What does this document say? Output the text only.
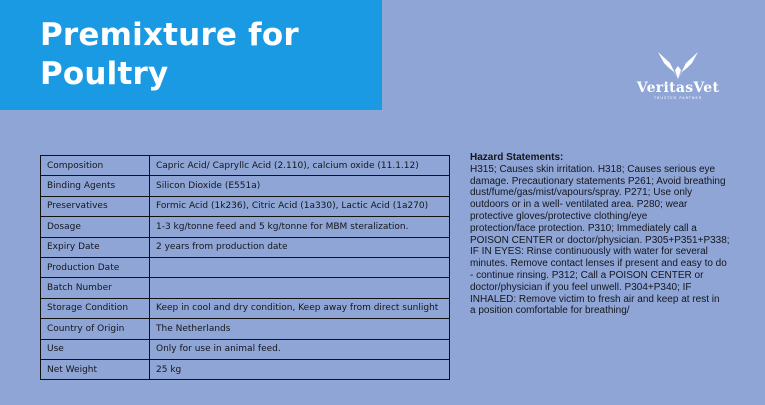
Premixture for
Poultry	VeritasVet
TRUSTED PARTNER
Composition	Capric Acid/ Capryllc Acid (2.110), calcium oxide (11.1.12)
Binding Agents	Silicon Dioxide (E551a)
Preservatives	Formic Acid (1k236), Citric Acid (1a330), Lactic Acid (1a270)
Dosage	1-3 kg/tonne feed and 5 kg/tonne for MBM steralization.
Expiry Date	2 years from production date
Production Date	
Batch Number	
Storage Condition	Keep in cool and dry condition, Keep away from direct sunlight
Country of Origin	The Netherlands
Use	Only for use in animal feed.
Net Weight	25 kg
Hazard Statements:
H315; Causes skin irritation. H318; Causes serious eye
damage. Precautionary statements P261; Avoid breathing
dust/fume/gas/mist/vapours/spray. P271; Use only
outdoors or in a well- ventilated area. P280; wear
protective gloves/protective clothing/eye
protection/face protection. P310; Immediately call a
POISON CENTER or doctor/physician. P305+P351+P338;
IF IN EYES: Rinse continuously with water for several
minutes. Remove contact lenses if present and easy to do
- continue rinsing. P312; Call a POISON CENTER or
doctor/physician if you feel unwell. P304+P340; IF
INHALED: Remove victim to fresh air and keep at rest in
a position comfortable for breathing/
